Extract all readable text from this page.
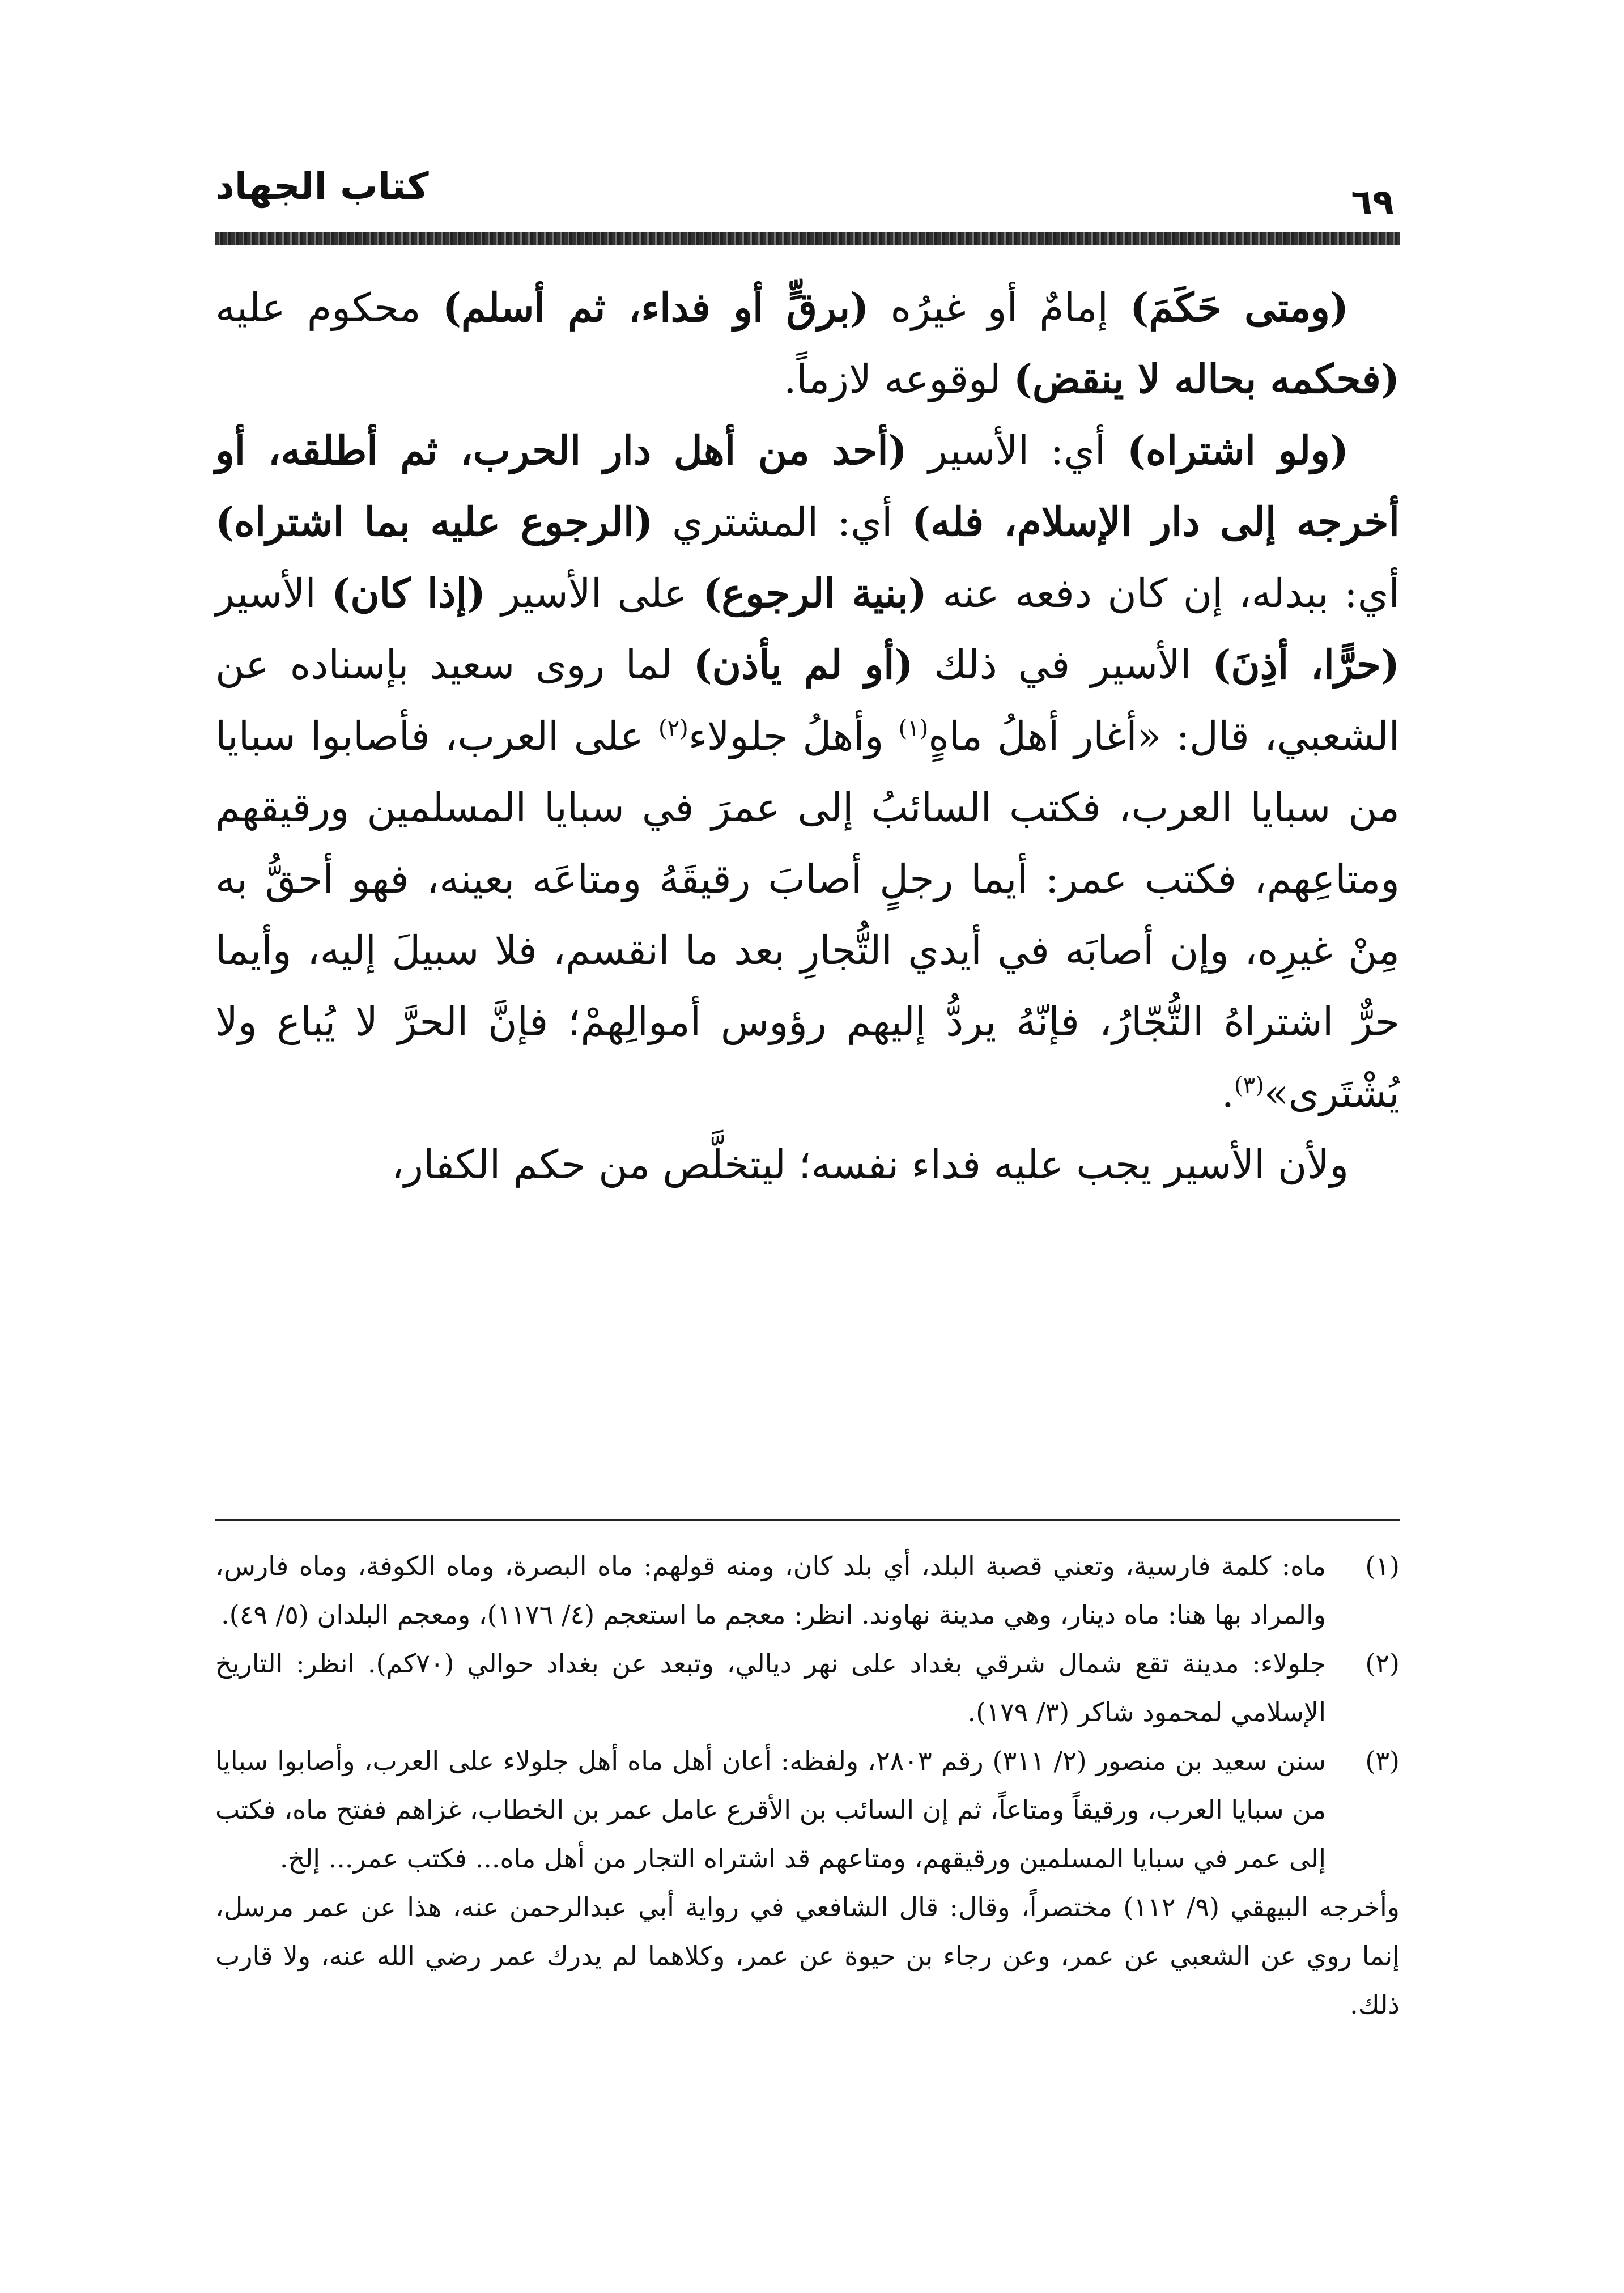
٦٩
كتاب الجهاد

(ومتى حَكَمَ) إمامٌ أو غيرُه (برقٍّ أو فداء، ثم أسلم) محكوم عليه (فحكمه بحاله لا ينقض) لوقوعه لازماً.

(ولو اشتراه) أي: الأسير (أحد من أهل دار الحرب، ثم أطلقه، أو أخرجه إلى دار الإسلام، فله) أي: المشتري (الرجوع عليه بما اشتراه) أي: ببدله، إن كان دفعه عنه (بنية الرجوع) على الأسير (إذا كان) الأسير (حرًّا، أذِنَ) الأسير في ذلك (أو لم يأذن) لما روى سعيد بإسناده عن الشعبي، قال: «أغار أهلُ ماهٍ$^{(١)}$ وأهلُ جلولاء$^{(٢)}$ على العرب، فأصابوا سبايا من سبايا العرب، فكتب السائبُ إلى عمرَ في سبايا المسلمين ورقيقهم ومتاعِهم، فكتب عمر: أيما رجلٍ أصابَ رقيقَهُ ومتاعَه بعينه، فهو أحقُّ به مِنْ غيرِه، وإن أصابَه في أيدي التُّجارِ بعد ما انقسم، فلا سبيلَ إليه، وأيما حرٌّ اشتراهُ التُّجّارُ، فإنّهُ يردُّ إليهم رؤوس أموالِهمْ؛ فإنَّ الحرَّ لا يُباع ولا يُشْتَرى»$^{(٣)}$.

ولأن الأسير يجب عليه فداء نفسه؛ ليتخلَّص من حكم الكفار،

(١)
ماه: كلمة فارسية، وتعني قصبة البلد، أي بلد كان، ومنه قولهم: ماه البصرة، وماه الكوفة، وماه فارس، والمراد بها هنا: ماه دينار، وهي مدينة نهاوند. انظر: معجم ما استعجم (٤/ ١١٧٦)، ومعجم البلدان (٥/ ٤٩).

(٢)
جلولاء: مدينة تقع شمال شرقي بغداد على نهر ديالي، وتبعد عن بغداد حوالي (٧٠كم). انظر: التاريخ الإسلامي لمحمود شاكر (٣/ ١٧٩).

(٣)
سنن سعيد بن منصور (٢/ ٣١١) رقم ٢٨٠٣، ولفظه: أعان أهل ماه أهل جلولاء على العرب، وأصابوا سبايا من سبايا العرب، ورقيقاً ومتاعاً، ثم إن السائب بن الأقرع عامل عمر بن الخطاب، غزاهم ففتح ماه، فكتب إلى عمر في سبايا المسلمين ورقيقهم، ومتاعهم قد اشتراه التجار من أهل ماه... فكتب عمر... إلخ.

وأخرجه البيهقي (٩/ ١١٢) مختصراً، وقال: قال الشافعي في رواية أبي عبدالرحمن عنه، هذا عن عمر مرسل، إنما روي عن الشعبي عن عمر، وعن رجاء بن حيوة عن عمر، وكلاهما لم يدرك عمر رضي الله عنه، ولا قارب ذلك.
